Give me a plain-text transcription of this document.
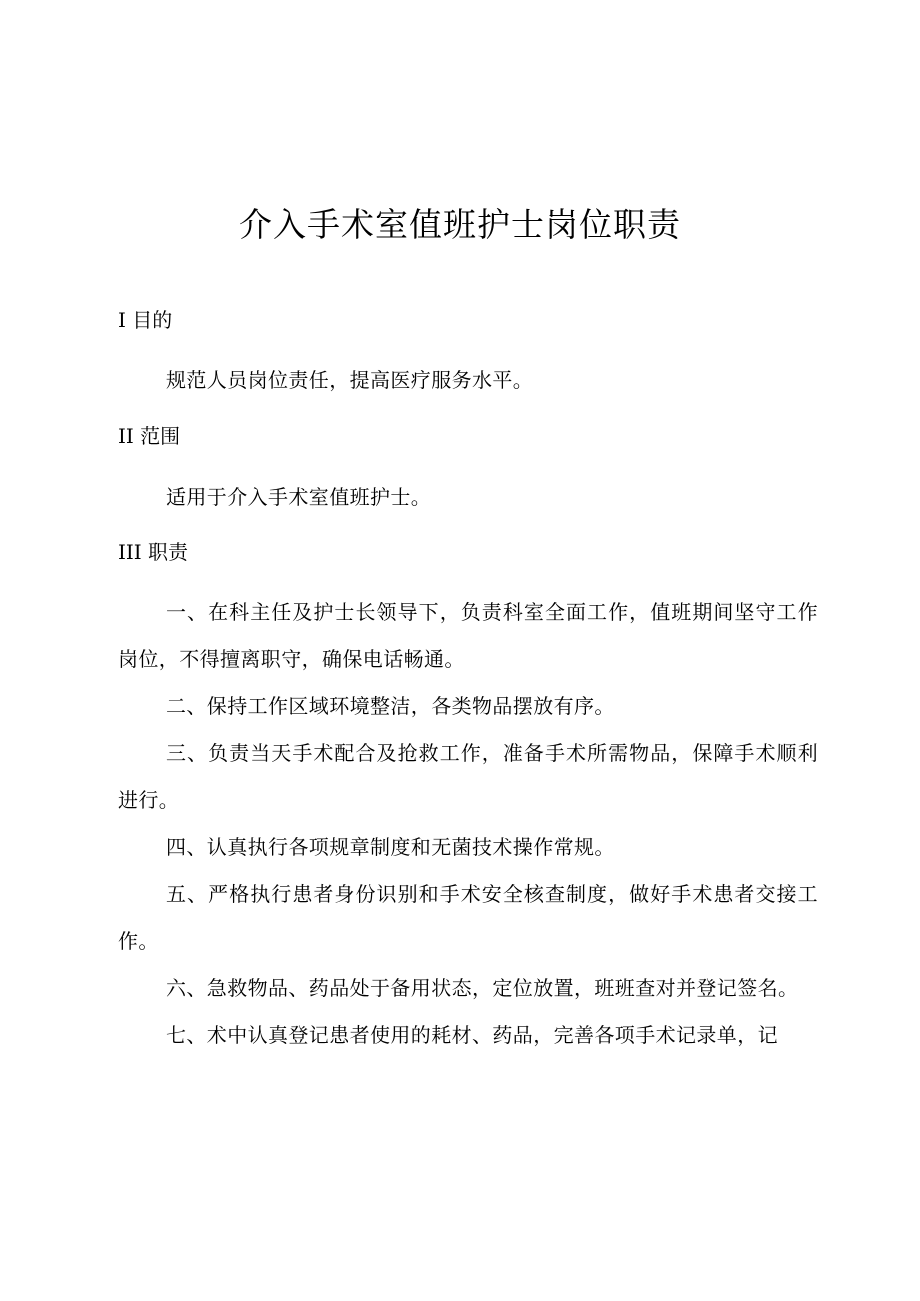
介入手术室值班护士岗位职责
I 目的

规范人员岗位责任，提高医疗服务水平。

II 范围

适用于介入手术室值班护士。

III 职责

一、在科主任及护士长领导下，负责科室全面工作，值班期间坚守工作岗位，不得擅离职守，确保电话畅通。

二、保持工作区域环境整洁，各类物品摆放有序。

三、负责当天手术配合及抢救工作，准备手术所需物品，保障手术顺利进行。

四、认真执行各项规章制度和无菌技术操作常规。

五、严格执行患者身份识别和手术安全核查制度，做好手术患者交接工作。

六、急救物品、药品处于备用状态，定位放置，班班查对并登记签名。

七、术中认真登记患者使用的耗材、药品，完善各项手术记录单，记
